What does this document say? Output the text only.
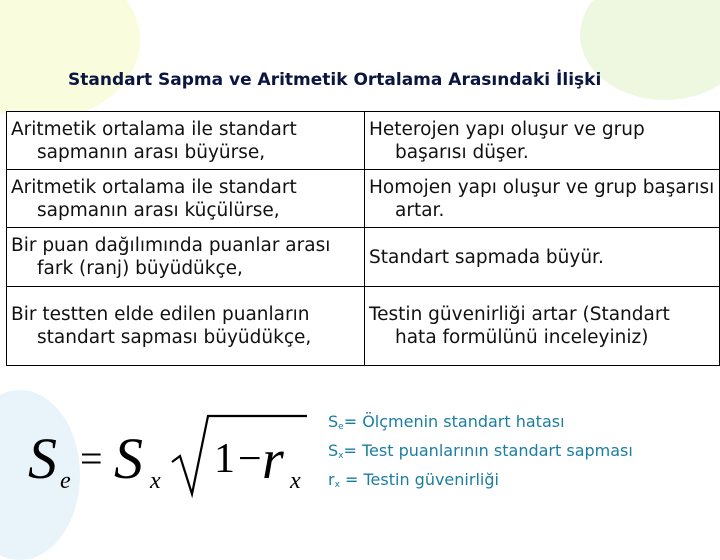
Standart Sapma ve Aritmetik Ortalama Arasındaki İlişki

Aritmetik ortalama ile standart sapmanın arası büyürse,	Heterojen yapı oluşur ve grup başarısı düşer.

Aritmetik ortalama ile standart sapmanın arası küçülürse,	Homojen yapı oluşur ve grup başarısı artar.

Bir puan dağılımında puanlar arası fark (ranj) büyüdükçe,	Standart sapmada büyür.

Bir testten elde edilen puanların standart sapması büyüdükçe,	Testin güvenirliği artar (Standart hata formülünü inceleyiniz)

S e = S x 1 − r x
$S_e=$ Ölçmenin standart hatası
$S_x=$ Test puanlarının standart sapması
$r_x$ = Testin güvenirliği
